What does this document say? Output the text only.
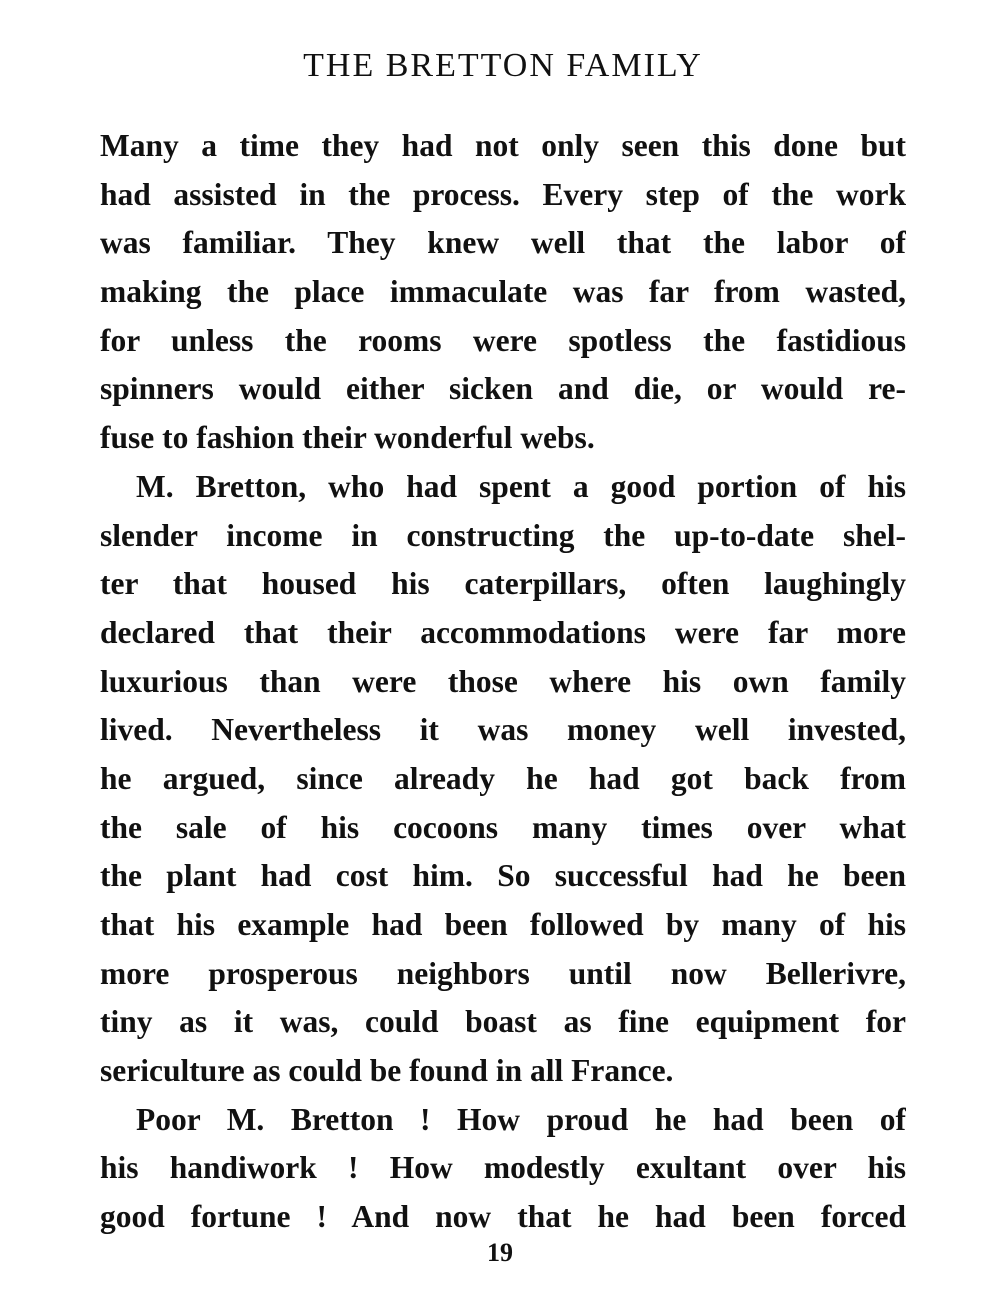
THE BRETTON FAMILY
Many a time they had not only seen this done but
had assisted in the process. Every step of the work
was familiar. They knew well that the labor of
making the place immaculate was far from wasted,
for unless the rooms were spotless the fastidious
spinners would either sicken and die, or would re-
fuse to fashion their wonderful webs.
M. Bretton, who had spent a good portion of his
slender income in constructing the up-to-date shel-
ter that housed his caterpillars, often laughingly
declared that their accommodations were far more
luxurious than were those where his own family
lived. Nevertheless it was money well invested,
he argued, since already he had got back from
the sale of his cocoons many times over what
the plant had cost him. So successful had he been
that his example had been followed by many of his
more prosperous neighbors until now Bellerivre,
tiny as it was, could boast as fine equipment for
sericulture as could be found in all France.
Poor M. Bretton ! How proud he had been of
his handiwork ! How modestly exultant over his
good fortune ! And now that he had been forced
19
